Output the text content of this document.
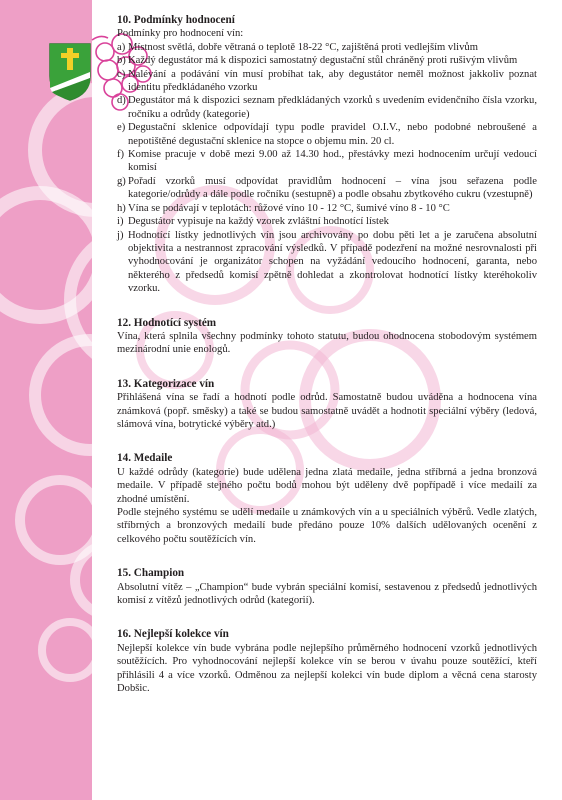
10. Podmínky hodnocení

Podmínky pro hodnocení vín:

a) Místnost světlá, dobře větraná o teplotě 18-22 °C, zajištěná proti vedlejším vlivům
b) Každý degustátor má k dispozici samostatný degustační stůl chráněný proti rušivým vlivům
c) Nalévání a podávání vín musí probíhat tak, aby degustátor neměl možnost jakkoliv poznat identitu předkládaného vzorku
d) Degustátor má k dispozici seznam předkládaných vzorků s uvedením evidenčního čísla vzorku, ročníku a odrůdy (kategorie)
e) Degustační sklenice odpovídají typu podle pravidel O.I.V., nebo podobné nebroušené a nepotištěné degustační sklenice na stopce o objemu min. 20 cl.
f) Komise pracuje v době mezi 9.00 až 14.30 hod., přestávky mezi hodnocením určují vedoucí komisí
g) Pořadí vzorků musí odpovídat pravidlům hodnocení – vína jsou seřazena podle kategorie/odrůdy a dále podle ročníku (sestupně) a podle obsahu zbytkového cukru (vzestupně)
h) Vína se podávají v teplotách: růžové víno 10 - 12 °C, šumivé víno 8 - 10 °C
i) Degustátor vypisuje na každý vzorek zvláštní hodnotící lístek
j) Hodnotící lístky jednotlivých vín jsou archivovány po dobu pěti let a je zaručena absolutní objektivita a nestrannost zpracování výsledků. V případě podezření na možné nesrovnalosti při vyhodnocování je organizátor schopen na vyžádání vedoucího hodnocení, garanta, nebo některého z předsedů komisí zpětně dohledat a zkontrolovat hodnotící lístky kteréhokoliv vzorku.

12. Hodnotící systém

Vína, která splnila všechny podmínky tohoto statutu, budou ohodnocena stobodovým systémem mezinárodní unie enologů.

13. Kategorizace vín

Přihlášená vína se řadí a hodnotí podle odrůd. Samostatně budou uváděna a hodnocena vína známková (popř. směsky) a také se budou samostatně uvádět a hodnotit speciální výběry (ledová, slámová vína, botrytické výběry atd.)

14. Medaile

U každé odrůdy (kategorie) bude udělena jedna zlatá medaile, jedna stříbrná a jedna bronzová medaile. V případě stejného počtu bodů mohou být uděleny dvě popřípadě i více medailí za zhodné umístění.

Podle stejného systému se udělí medaile u známkových vín a u speciálních výběrů. Vedle zlatých, stříbrných a bronzových medailí bude předáno pouze 10% dalších udělovaných ocenění z celkového počtu soutěžících vín.

15. Champion

Absolutní vítěz – „Champion“ bude vybrán speciální komisí, sestavenou z předsedů jednotlivých komisí z vítězů jednotlivých odrůd (kategorií).

16. Nejlepší kolekce vín

Nejlepší kolekce vín bude vybrána podle nejlepšího průměrného hodnocení vzorků jednotlivých soutěžících. Pro vyhodnocování nejlepší kolekce vín se berou v úvahu pouze soutěžící, kteří přihlásili 4 a více vzorků. Odměnou za nejlepší kolekci vín bude diplom a věcná cena starosty Dobšic.
